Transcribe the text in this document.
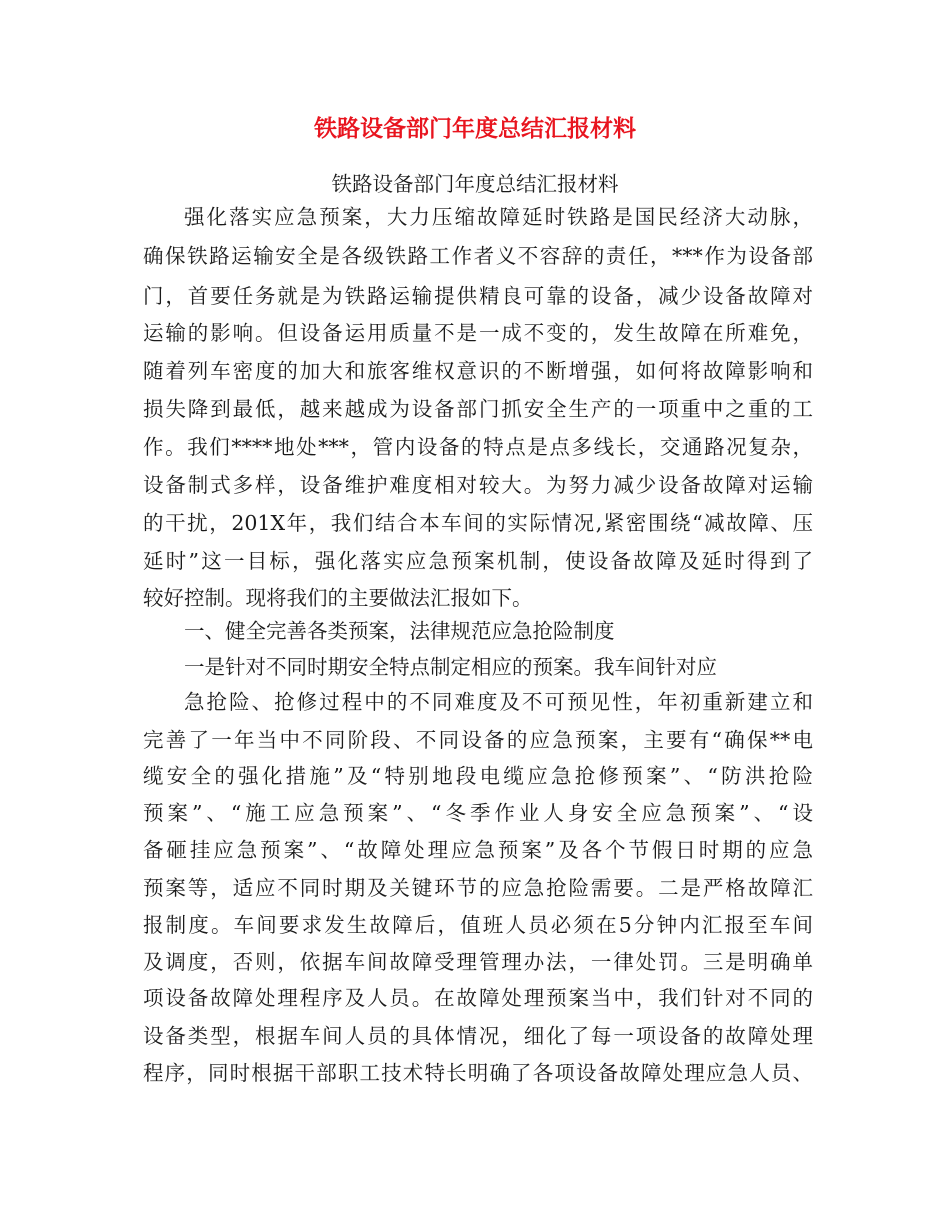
铁路设备部门年度总结汇报材料
铁路设备部门年度总结汇报材料
强化落实应急预案，大力压缩故障延时铁路是国民经济大动脉，
确保铁路运输安全是各级铁路工作者义不容辞的责任，***作为设备部
门，首要任务就是为铁路运输提供精良可靠的设备，减少设备故障对
运输的影响。但设备运用质量不是一成不变的，发生故障在所难免，
随着列车密度的加大和旅客维权意识的不断增强，如何将故障影响和
损失降到最低，越来越成为设备部门抓安全生产的一项重中之重的工
作。我们****地处***，管内设备的特点是点多线长，交通路况复杂，
设备制式多样，设备维护难度相对较大。为努力减少设备故障对运输
的干扰，201X年，我们结合本车间的实际情况,紧密围绕“减故障、压
延时”这一目标，强化落实应急预案机制，使设备故障及延时得到了
较好控制。现将我们的主要做法汇报如下。
一、健全完善各类预案，法律规范应急抢险制度
一是针对不同时期安全特点制定相应的预案。我车间针对应
急抢险、抢修过程中的不同难度及不可预见性，年初重新建立和
完善了一年当中不同阶段、不同设备的应急预案，主要有“确保**电
缆安全的强化措施”及“特别地段电缆应急抢修预案”、“防洪抢险
预案”、“施工应急预案”、“冬季作业人身安全应急预案”、“设
备砸挂应急预案”、“故障处理应急预案”及各个节假日时期的应急
预案等，适应不同时期及关键环节的应急抢险需要。二是严格故障汇
报制度。车间要求发生故障后，值班人员必须在5分钟内汇报至车间
及调度，否则，依据车间故障受理管理办法，一律处罚。三是明确单
项设备故障处理程序及人员。在故障处理预案当中，我们针对不同的
设备类型，根据车间人员的具体情况，细化了每一项设备的故障处理
程序，同时根据干部职工技术特长明确了各项设备故障处理应急人员、
